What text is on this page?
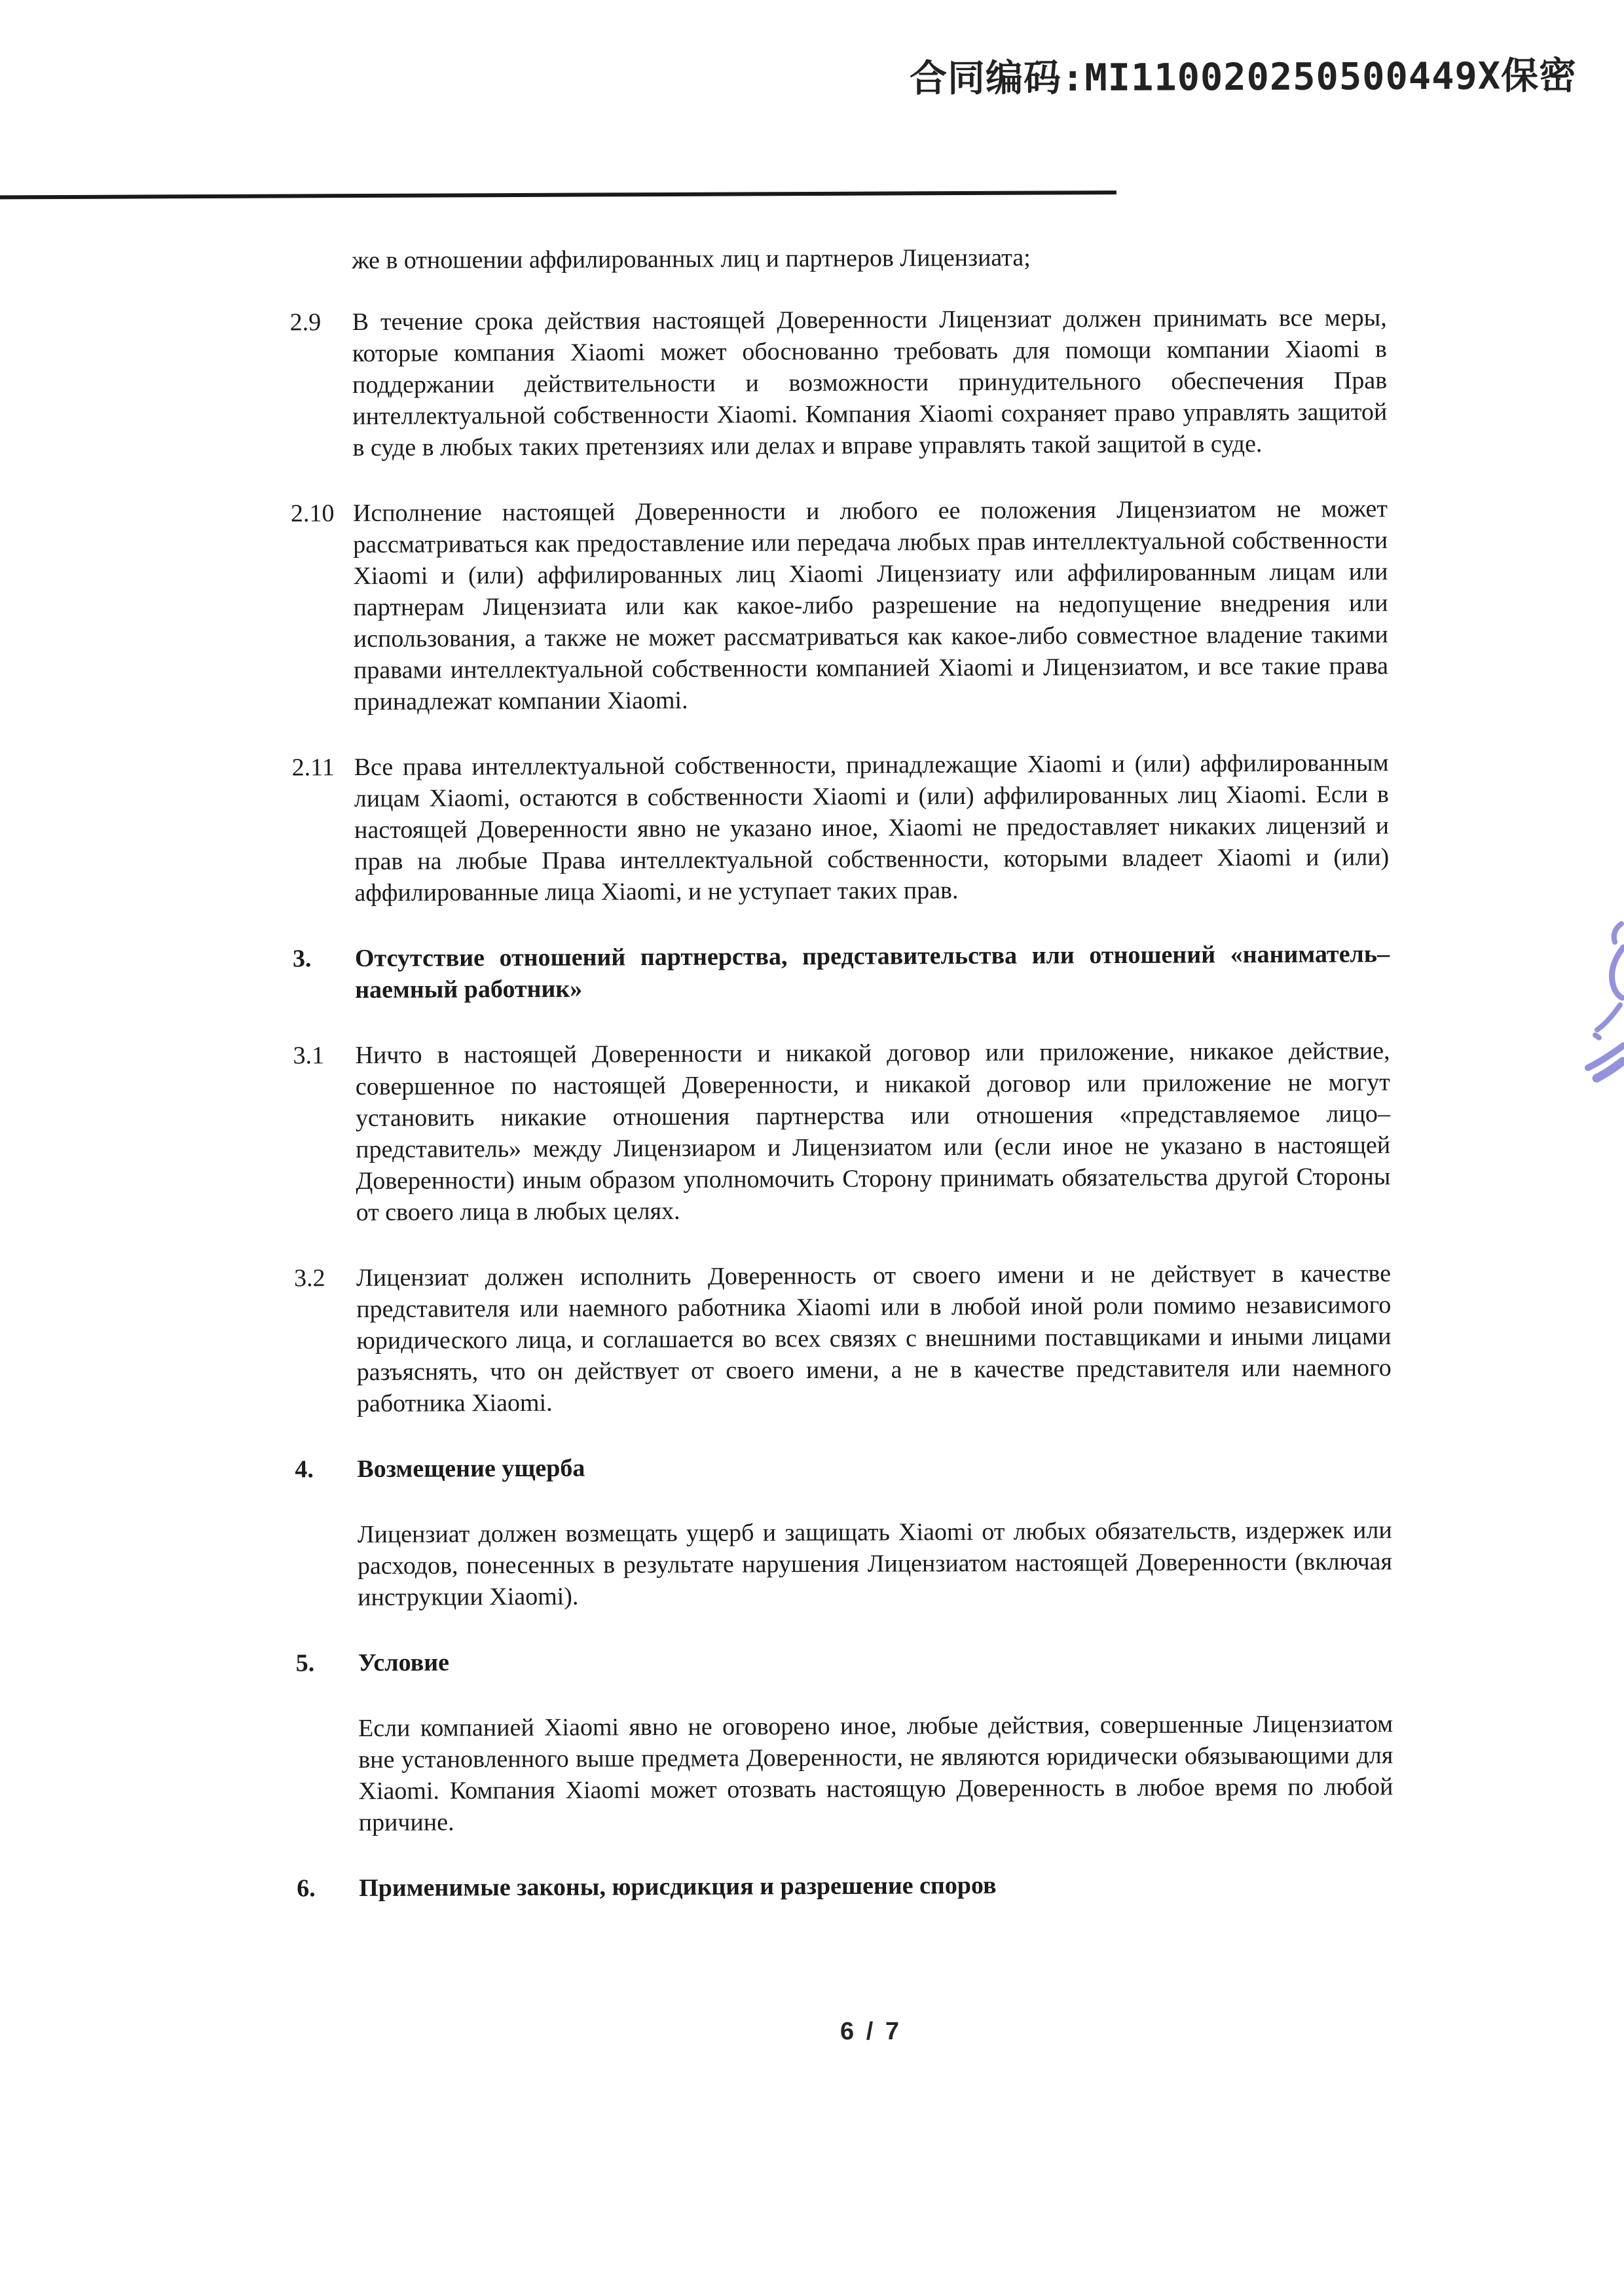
合同编码:MI110020250500449X保密

же в отношении аффилированных лиц и партнеров Лицензиата;

2.9 В течение срока действия настоящей Доверенности Лицензиат должен принимать все меры, которые компания Xiaomi может обоснованно требовать для помощи компании Xiaomi в поддержании действительности и возможности принудительного обеспечения Прав интеллектуальной собственности Xiaomi. Компания Xiaomi сохраняет право управлять защитой в суде в любых таких претензиях или делах и вправе управлять такой защитой в суде.

2.10 Исполнение настоящей Доверенности и любого ее положения Лицензиатом не может рассматриваться как предоставление или передача любых прав интеллектуальной собственности Xiaomi и (или) аффилированных лиц Xiaomi Лицензиату или аффилированным лицам или партнерам Лицензиата или как какое-либо разрешение на недопущение внедрения или использования, а также не может рассматриваться как какое-либо совместное владение такими правами интеллектуальной собственности компанией Xiaomi и Лицензиатом, и все такие права принадлежат компании Xiaomi.

2.11 Все права интеллектуальной собственности, принадлежащие Xiaomi и (или) аффилированным лицам Xiaomi, остаются в собственности Xiaomi и (или) аффилированных лиц Xiaomi. Если в настоящей Доверенности явно не указано иное, Xiaomi не предоставляет никаких лицензий и прав на любые Права интеллектуальной собственности, которыми владеет Xiaomi и (или) аффилированные лица Xiaomi, и не уступает таких прав.

3. Отсутствие отношений партнерства, представительства или отношений «наниматель–наемный работник»

3.1 Ничто в настоящей Доверенности и никакой договор или приложение, никакое действие, совершенное по настоящей Доверенности, и никакой договор или приложение не могут установить никакие отношения партнерства или отношения «представляемое лицо–представитель» между Лицензиаром и Лицензиатом или (если иное не указано в настоящей Доверенности) иным образом уполномочить Сторону принимать обязательства другой Стороны от своего лица в любых целях.

3.2 Лицензиат должен исполнить Доверенность от своего имени и не действует в качестве представителя или наемного работника Xiaomi или в любой иной роли помимо независимого юридического лица, и соглашается во всех связях с внешними поставщиками и иными лицами разъяснять, что он действует от своего имени, а не в качестве представителя или наемного работника Xiaomi.

4. Возмещение ущерба

Лицензиат должен возмещать ущерб и защищать Xiaomi от любых обязательств, издержек или расходов, понесенных в результате нарушения Лицензиатом настоящей Доверенности (включая инструкции Xiaomi).

5. Условие

Если компанией Xiaomi явно не оговорено иное, любые действия, совершенные Лицензиатом вне установленного выше предмета Доверенности, не являются юридически обязывающими для Xiaomi. Компания Xiaomi может отозвать настоящую Доверенность в любое время по любой причине.

6. Применимые законы, юрисдикция и разрешение споров

6 / 7
